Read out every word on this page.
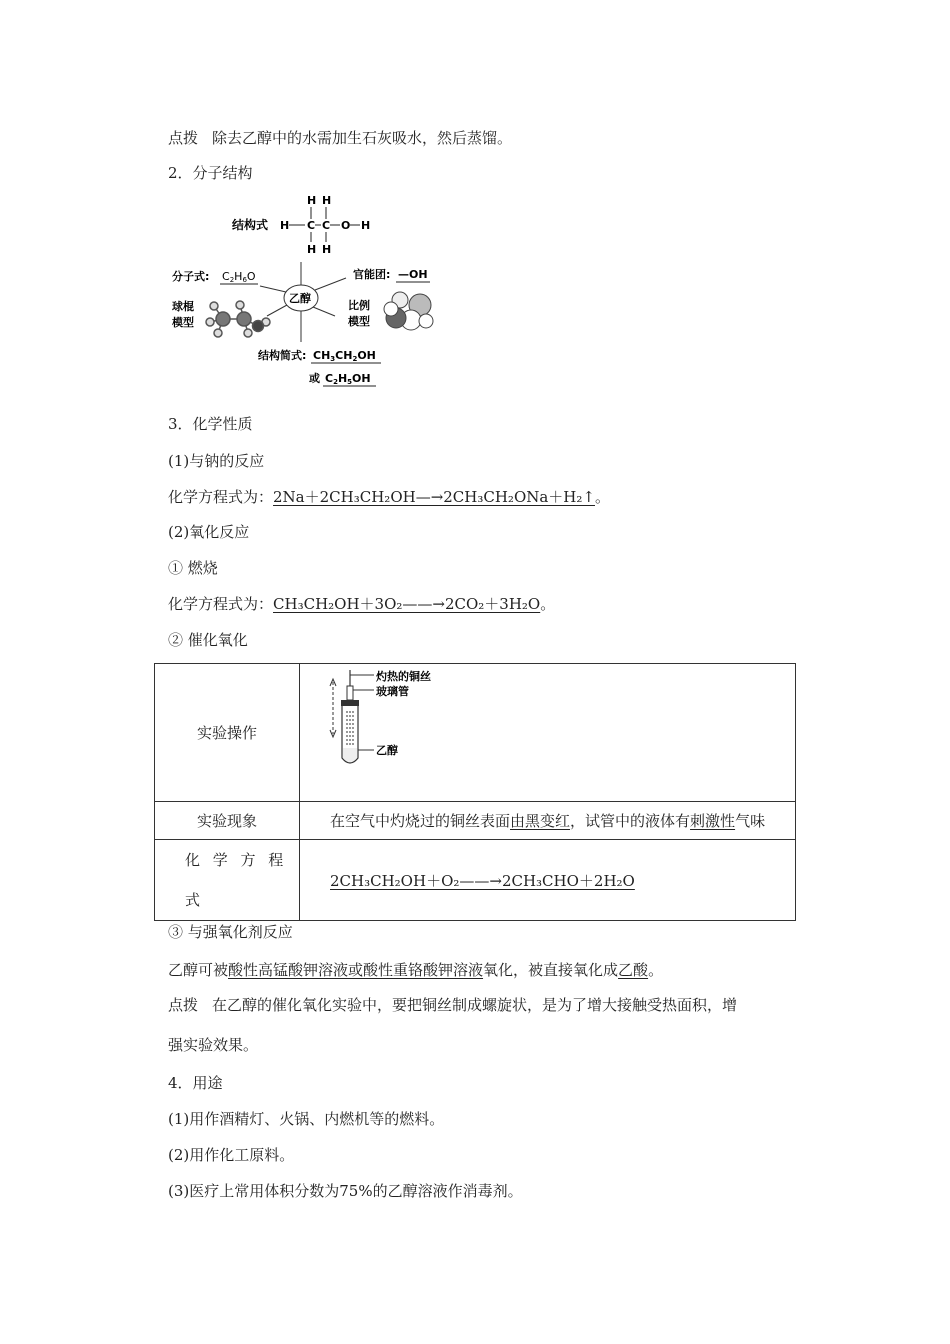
点拨 除去乙醇中的水需加生石灰吸水，然后蒸馏。
2．分子结构
结构式
H H
H C C O H
H H
乙醇
分子式: C2H6O	官能团: —OH
球棍
模型
比例
模型
结构简式: CH3CH2OH
或 C2H5OH
3．化学性质
(1)与钠的反应
化学方程式为：2Na＋2CH₃CH₂OH—→2CH₃CH₂ONa＋H₂↑。
(2)氧化反应
① 燃烧
化学方程式为：CH₃CH₂OH＋3O₂——→2CO₂＋3H₂O。
② 催化氧化
实验操作	灼热的铜丝
玻璃管
乙醇

实验现象	在空气中灼烧过的铜丝表面由黑变红，试管中的液体有刺激性气味

化 学 方 程
式	2CH₃CH₂OH＋O₂——→2CH₃CHO＋2H₂O
③ 与强氧化剂反应
乙醇可被酸性高锰酸钾溶液或酸性重铬酸钾溶液氧化，被直接氧化成乙酸。
点拨 在乙醇的催化氧化实验中，要把铜丝制成螺旋状，是为了增大接触受热面积，增
强实验效果。
4．用途
(1)用作酒精灯、火锅、内燃机等的燃料。
(2)用作化工原料。
(3)医疗上常用体积分数为75%的乙醇溶液作消毒剂。
